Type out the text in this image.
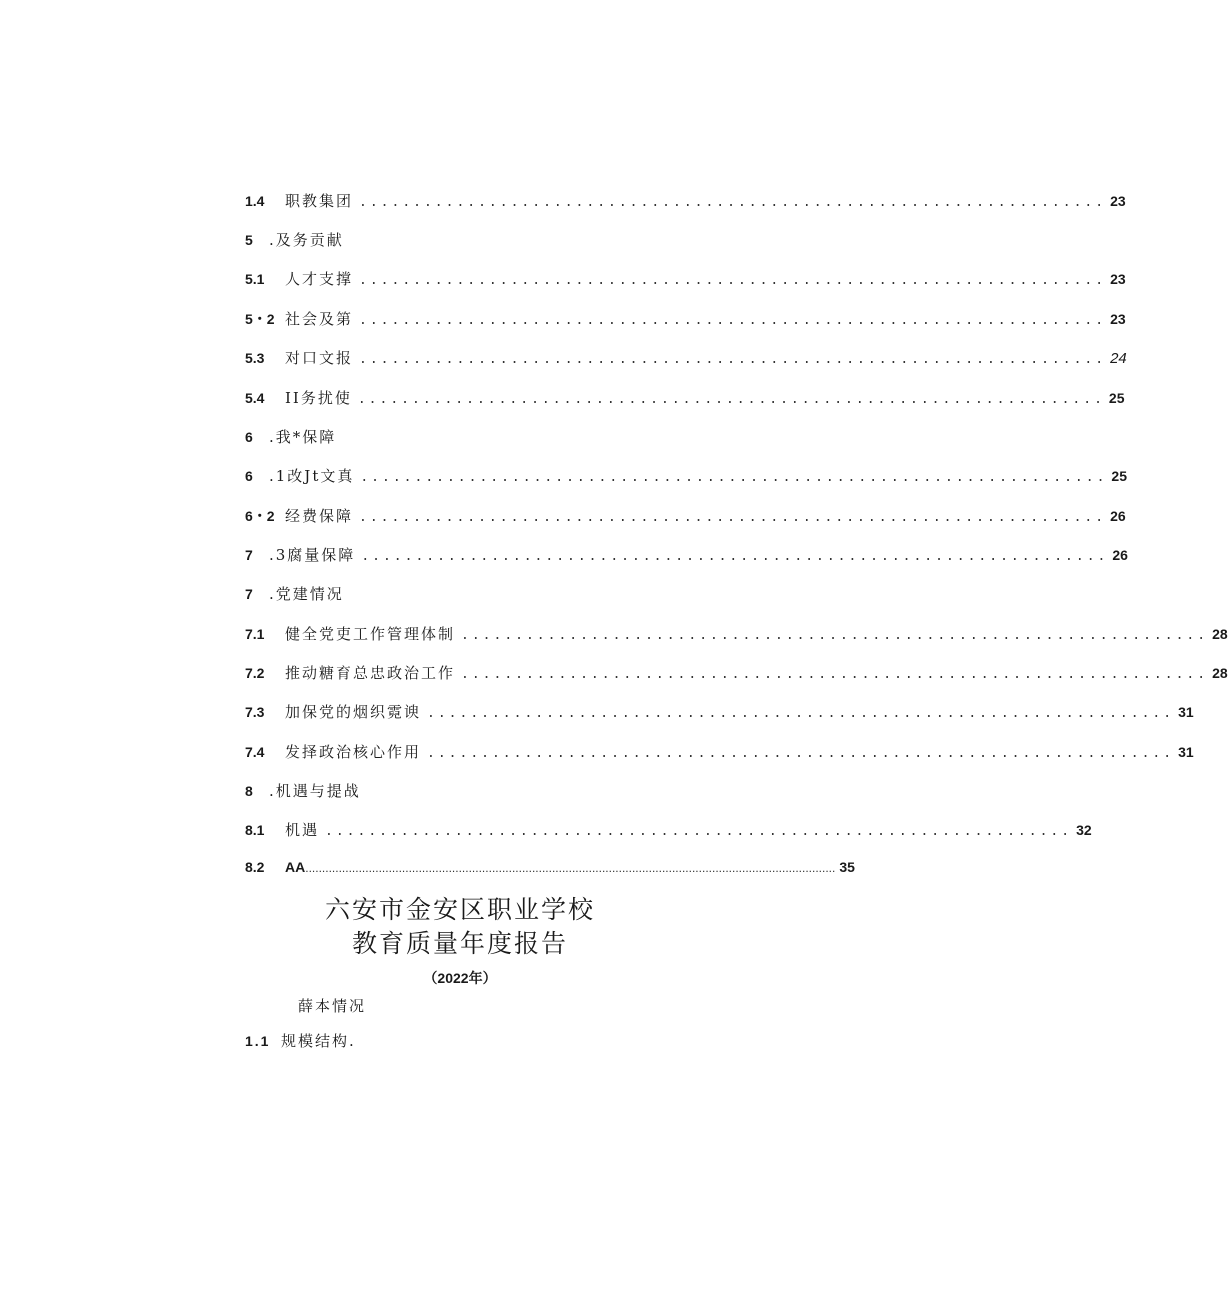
1.4	职教集团 ..................................................................... 23
5	.及务贡献
5.1	人才支撑 ..................................................................... 23
5・2 社会及第 ..................................................................... 23
5.3	对口文报 ..................................................................... 24
5.4	II务扰使 ..................................................................... 25
6	.我*保障
6	.1改Jt文真 ..................................................................... 25
6・2 经费保障 ..................................................................... 26
7	.3腐量保障 ..................................................................... 26
7	.党建情况
7.1	健全党吏工作管理体制 ..................................................................... 28
7.2	推动糖育总忠政治工作 ..................................................................... 28
7.3	加保党的烟织霓谀 ..................................................................... 31
7.4	发择政治核心作用 ..................................................................... 31
8	.机遇与提战
8.1	机遇 ..................................................................... 32
8.2	AA ............................................................................................................................................................... 35
六安市金安区职业学校
教育质量年度报告
（2022年）
薛本情况
1.1 规模结构.
